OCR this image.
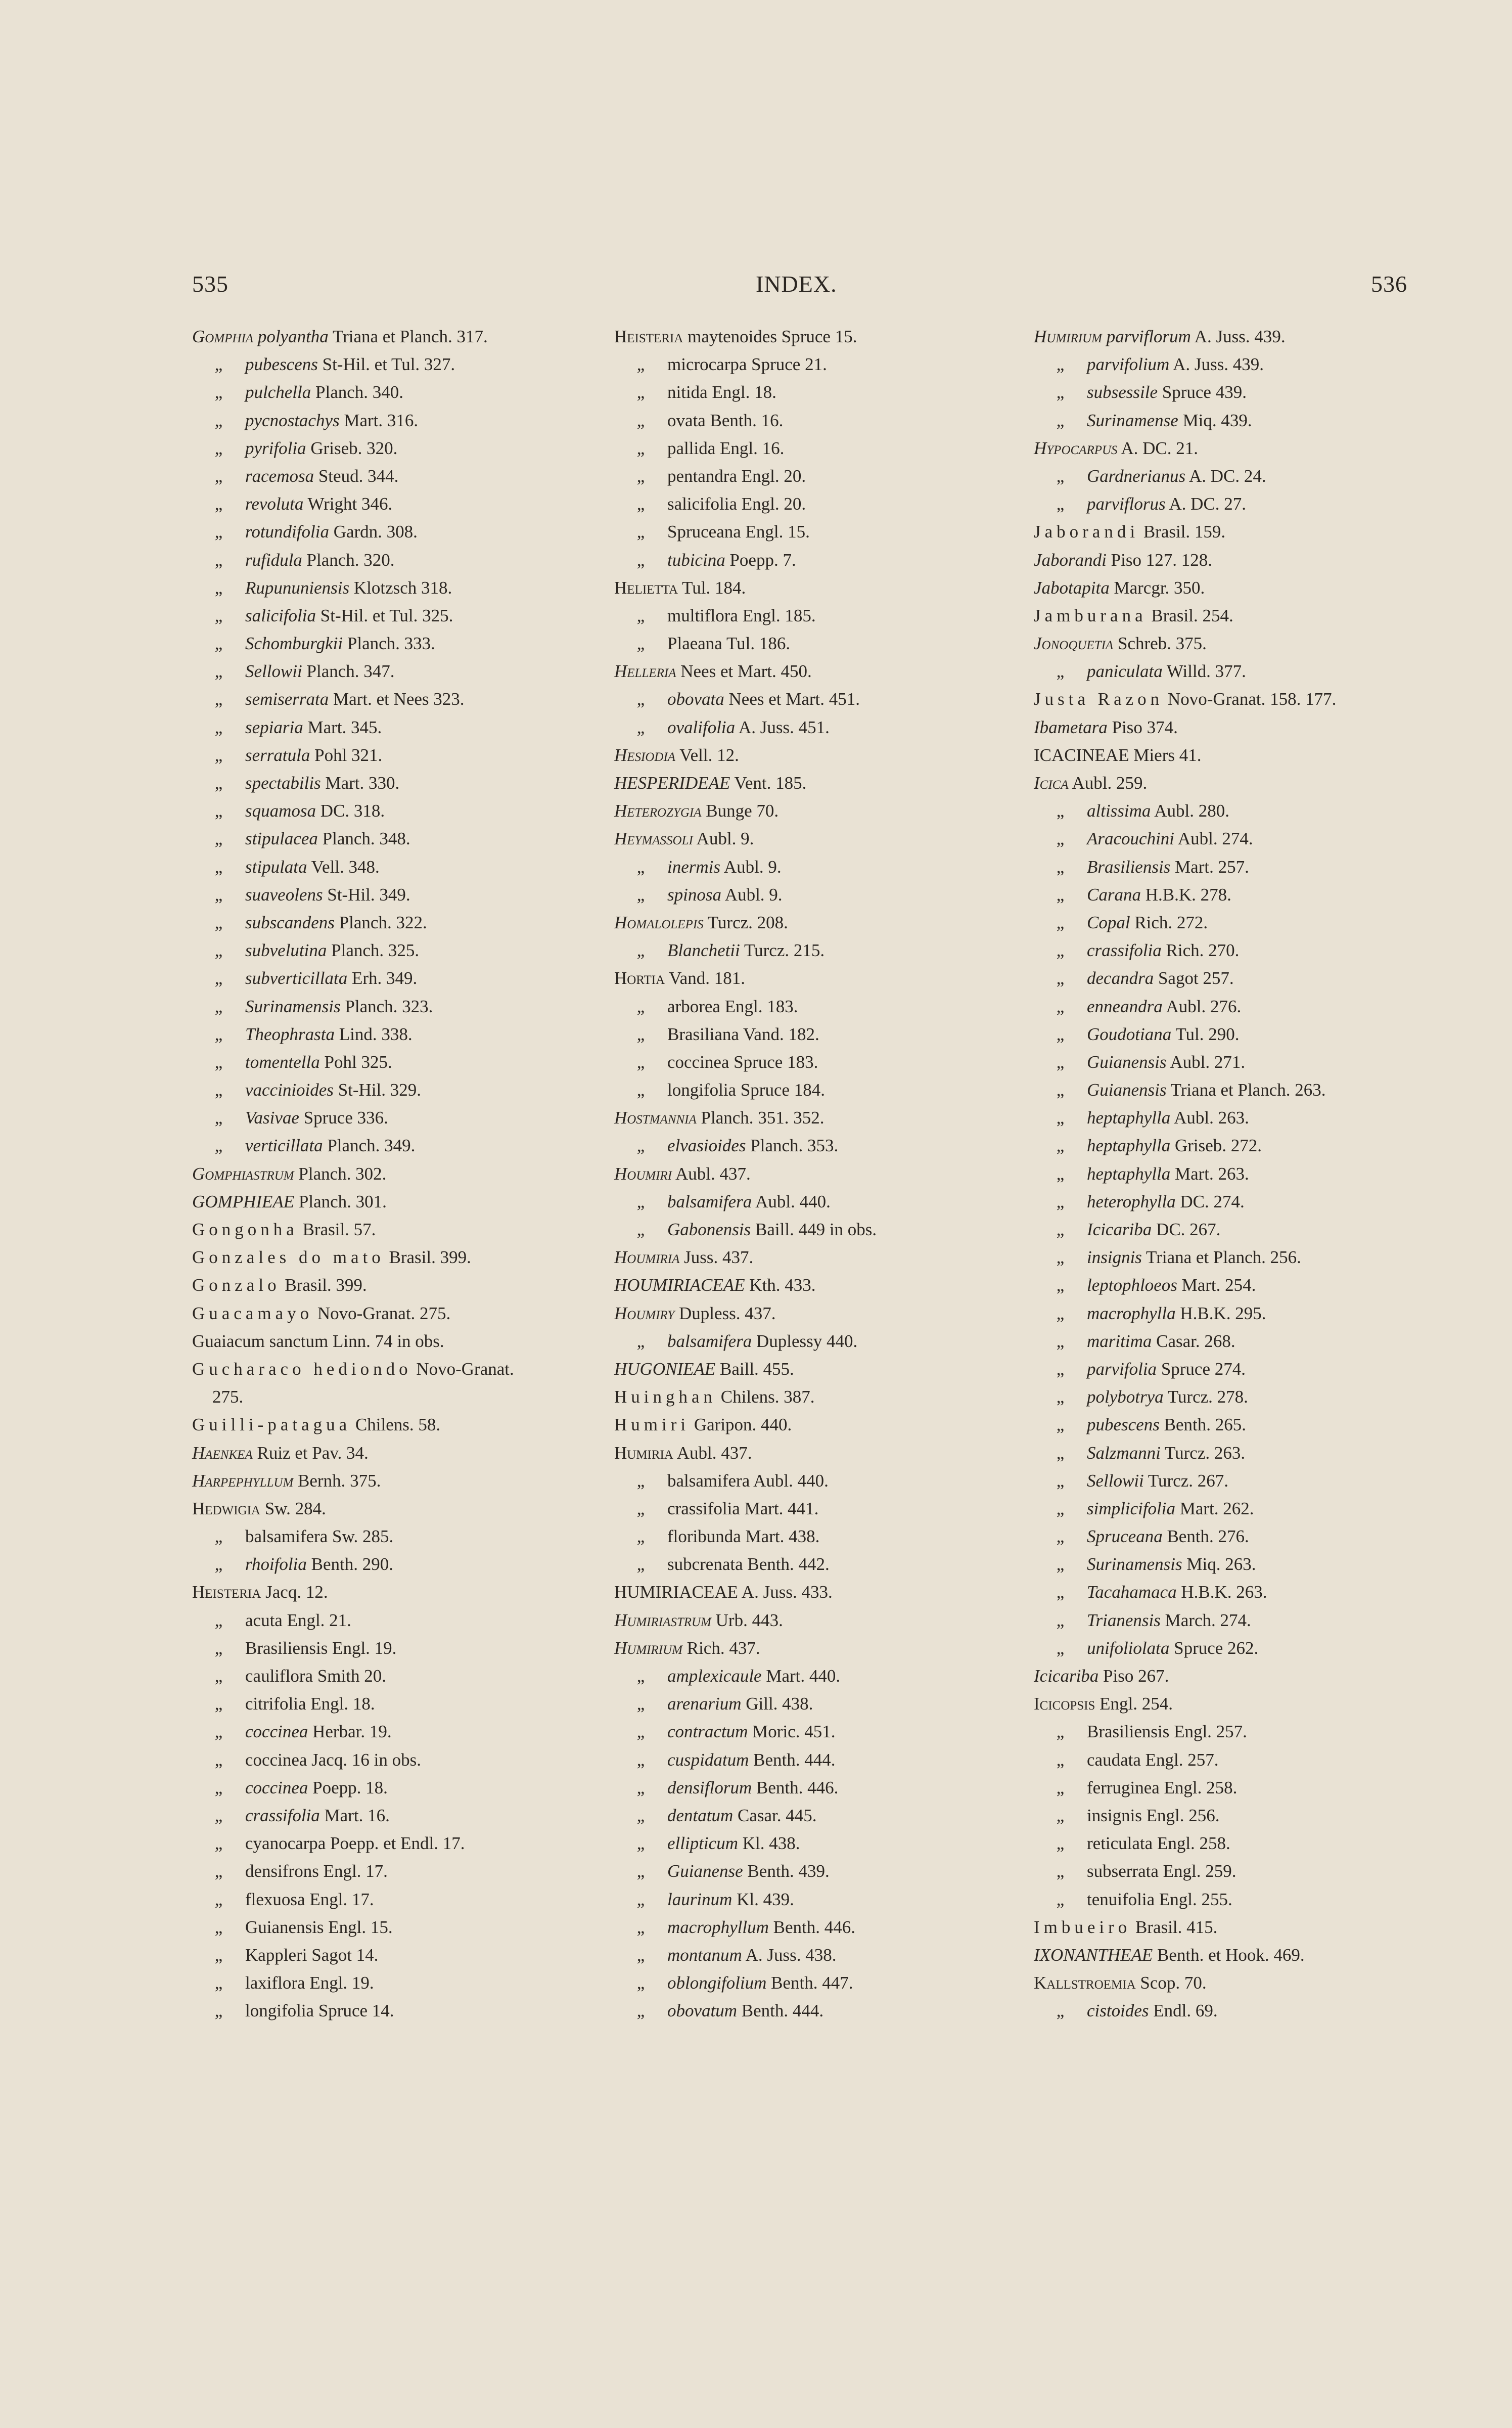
535	INDEX.	536
Gomphia polyantha Triana et Planch. 317.
„ pubescens St-Hil. et Tul. 327.
„ pulchella Planch. 340.
„ pycnostachys Mart. 316.
„ pyrifolia Griseb. 320.
„ racemosa Steud. 344.
„ revoluta Wright 346.
„ rotundifolia Gardn. 308.
„ rufidula Planch. 320.
„ Rupununiensis Klotzsch 318.
„ salicifolia St-Hil. et Tul. 325.
„ Schomburgkii Planch. 333.
„ Sellowii Planch. 347.
„ semiserrata Mart. et Nees 323.
„ sepiaria Mart. 345.
„ serratula Pohl 321.
„ spectabilis Mart. 330.
„ squamosa DC. 318.
„ stipulacea Planch. 348.
„ stipulata Vell. 348.
„ suaveolens St-Hil. 349.
„ subscandens Planch. 322.
„ subvelutina Planch. 325.
„ subverticillata Erh. 349.
„ Surinamensis Planch. 323.
„ Theophrasta Lind. 338.
„ tomentella Pohl 325.
„ vaccinioides St-Hil. 329.
„ Vasivae Spruce 336.
„ verticillata Planch. 349.
Gomphiastrum Planch. 302.
GOMPHIEAE Planch. 301.
Gongonha Brasil. 57.
Gonzales do mato Brasil. 399.
Gonzalo Brasil. 399.
Guacamayo Novo-Granat. 275.
Guaiacum sanctum Linn. 74 in obs.
Gucharaco hediondo Novo-Granat.
275.
Guilli-patagua Chilens. 58.
Haenkea Ruiz et Pav. 34.
Harpephyllum Bernh. 375.
Hedwigia Sw. 284.
„ balsamifera Sw. 285.
„ rhoifolia Benth. 290.
Heisteria Jacq. 12.
„ acuta Engl. 21.
„ Brasiliensis Engl. 19.
„ cauliflora Smith 20.
„ citrifolia Engl. 18.
„ coccinea Herbar. 19.
„ coccinea Jacq. 16 in obs.
„ coccinea Poepp. 18.
„ crassifolia Mart. 16.
„ cyanocarpa Poepp. et Endl. 17.
„ densifrons Engl. 17.
„ flexuosa Engl. 17.
„ Guianensis Engl. 15.
„ Kappleri Sagot 14.
„ laxiflora Engl. 19.
„ longifolia Spruce 14.
Heisteria maytenoides Spruce 15.
„ microcarpa Spruce 21.
„ nitida Engl. 18.
„ ovata Benth. 16.
„ pallida Engl. 16.
„ pentandra Engl. 20.
„ salicifolia Engl. 20.
„ Spruceana Engl. 15.
„ tubicina Poepp. 7.
Helietta Tul. 184.
„ multiflora Engl. 185.
„ Plaeana Tul. 186.
Helleria Nees et Mart. 450.
„ obovata Nees et Mart. 451.
„ ovalifolia A. Juss. 451.
Hesiodia Vell. 12.
HESPERIDEAE Vent. 185.
Heterozygia Bunge 70.
Heymassoli Aubl. 9.
„ inermis Aubl. 9.
„ spinosa Aubl. 9.
Homalolepis Turcz. 208.
„ Blanchetii Turcz. 215.
Hortia Vand. 181.
„ arborea Engl. 183.
„ Brasiliana Vand. 182.
„ coccinea Spruce 183.
„ longifolia Spruce 184.
Hostmannia Planch. 351. 352.
„ elvasioides Planch. 353.
Houmiri Aubl. 437.
„ balsamifera Aubl. 440.
„ Gabonensis Baill. 449 in obs.
Houmiria Juss. 437.
HOUMIRIACEAE Kth. 433.
Houmiry Dupless. 437.
„ balsamifera Duplessy 440.
HUGONIEAE Baill. 455.
Huinghan Chilens. 387.
Humiri Garipon. 440.
Humiria Aubl. 437.
„ balsamifera Aubl. 440.
„ crassifolia Mart. 441.
„ floribunda Mart. 438.
„ subcrenata Benth. 442.
HUMIRIACEAE A. Juss. 433.
Humiriastrum Urb. 443.
Humirium Rich. 437.
„ amplexicaule Mart. 440.
„ arenarium Gill. 438.
„ contractum Moric. 451.
„ cuspidatum Benth. 444.
„ densiflorum Benth. 446.
„ dentatum Casar. 445.
„ ellipticum Kl. 438.
„ Guianense Benth. 439.
„ laurinum Kl. 439.
„ macrophyllum Benth. 446.
„ montanum A. Juss. 438.
„ oblongifolium Benth. 447.
„ obovatum Benth. 444.
Humirium parviflorum A. Juss. 439.
„ parvifolium A. Juss. 439.
„ subsessile Spruce 439.
„ Surinamense Miq. 439.
Hypocarpus A. DC. 21.
„ Gardnerianus A. DC. 24.
„ parviflorus A. DC. 27.
Jaborandi Brasil. 159.
Jaborandi Piso 127. 128.
Jabotapita Marcgr. 350.
Jamburana Brasil. 254.
Jonoquetia Schreb. 375.
„ paniculata Willd. 377.
Justa Razon Novo-Granat. 158. 177.
Ibametara Piso 374.
ICACINEAE Miers 41.
Icica Aubl. 259.
„ altissima Aubl. 280.
„ Aracouchini Aubl. 274.
„ Brasiliensis Mart. 257.
„ Carana H.B.K. 278.
„ Copal Rich. 272.
„ crassifolia Rich. 270.
„ decandra Sagot 257.
„ enneandra Aubl. 276.
„ Goudotiana Tul. 290.
„ Guianensis Aubl. 271.
„ Guianensis Triana et Planch. 263.
„ heptaphylla Aubl. 263.
„ heptaphylla Griseb. 272.
„ heptaphylla Mart. 263.
„ heterophylla DC. 274.
„ Icicariba DC. 267.
„ insignis Triana et Planch. 256.
„ leptophloeos Mart. 254.
„ macrophylla H.B.K. 295.
„ maritima Casar. 268.
„ parvifolia Spruce 274.
„ polybotrya Turcz. 278.
„ pubescens Benth. 265.
„ Salzmanni Turcz. 263.
„ Sellowii Turcz. 267.
„ simplicifolia Mart. 262.
„ Spruceana Benth. 276.
„ Surinamensis Miq. 263.
„ Tacahamaca H.B.K. 263.
„ Trianensis March. 274.
„ unifoliolata Spruce 262.
Icicariba Piso 267.
Icicopsis Engl. 254.
„ Brasiliensis Engl. 257.
„ caudata Engl. 257.
„ ferruginea Engl. 258.
„ insignis Engl. 256.
„ reticulata Engl. 258.
„ subserrata Engl. 259.
„ tenuifolia Engl. 255.
Imbueiro Brasil. 415.
IXONANTHEAE Benth. et Hook. 469.
Kallstroemia Scop. 70.
„ cistoides Endl. 69.
